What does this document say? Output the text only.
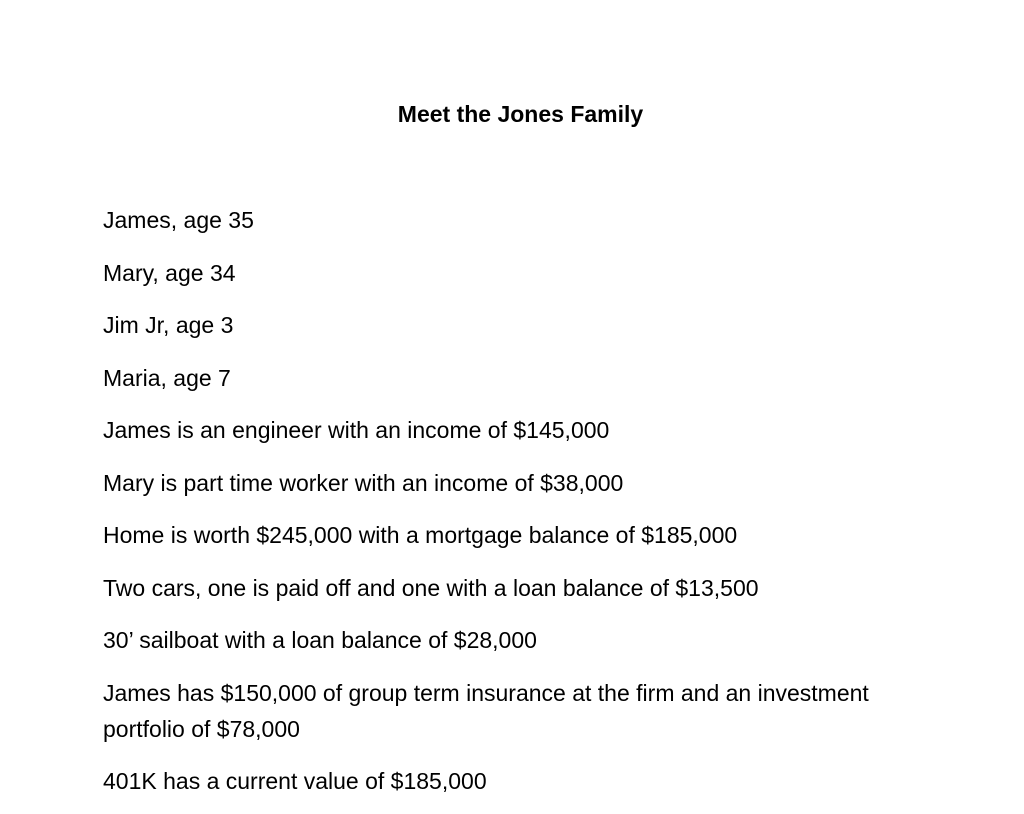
Meet the Jones Family
James, age 35
Mary, age 34
Jim Jr, age 3
Maria, age 7
James is an engineer with an income of $145,000
Mary is part time worker with an income of $38,000
Home is worth $245,000 with a mortgage balance of $185,000
Two cars, one is paid off and one with a loan balance of $13,500
30’ sailboat with a loan balance of $28,000
James has $150,000 of group term insurance at the firm and an investment portfolio of $78,000
401K has a current value of $185,000
